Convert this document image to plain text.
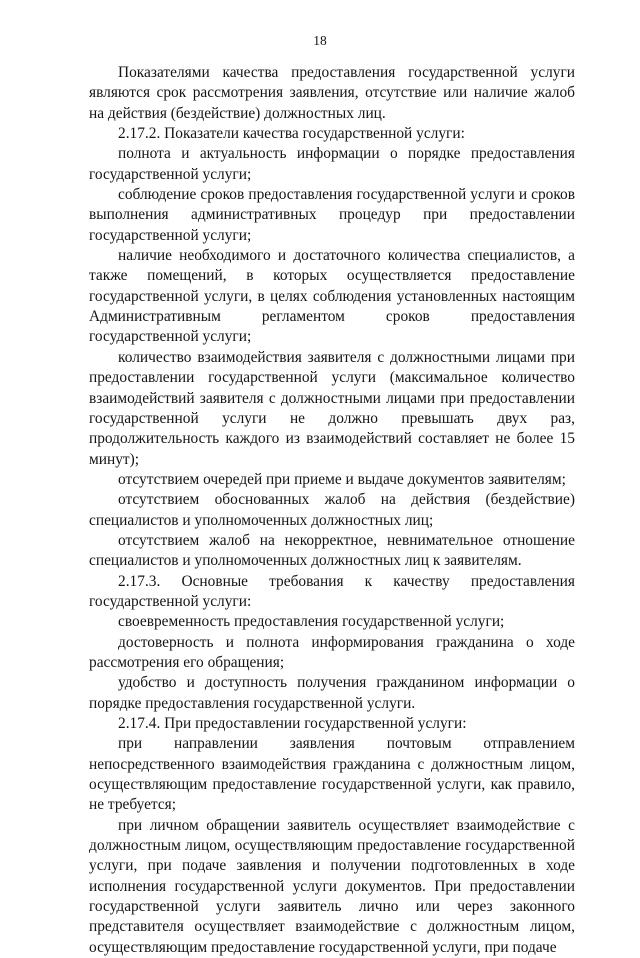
18

Показателями качества предоставления государственной услуги являются срок рассмотрения заявления, отсутствие или наличие жалоб на действия (бездействие) должностных лиц.

2.17.2. Показатели качества государственной услуги:

полнота и актуальность информации о порядке предоставления государственной услуги;

соблюдение сроков предоставления государственной услуги и сроков выполнения административных процедур при предоставлении государственной услуги;

наличие необходимого и достаточного количества специалистов, а также помещений, в которых осуществляется предоставление государственной услуги, в целях соблюдения установленных настоящим Административным регламентом сроков предоставления государственной услуги;

количество взаимодействия заявителя с должностными лицами при предоставлении государственной услуги (максимальное количество взаимодействий заявителя с должностными лицами при предоставлении государственной услуги не должно превышать двух раз, продолжительность каждого из взаимодействий составляет не более 15 минут);

отсутствием очередей при приеме и выдаче документов заявителям;

отсутствием обоснованных жалоб на действия (бездействие) специалистов и уполномоченных должностных лиц;

отсутствием жалоб на некорректное, невнимательное отношение специалистов и уполномоченных должностных лиц к заявителям.

2.17.3. Основные требования к качеству предоставления государственной услуги:

своевременность предоставления государственной услуги;

достоверность и полнота информирования гражданина о ходе рассмотрения его обращения;

удобство и доступность получения гражданином информации о порядке предоставления государственной услуги.

2.17.4. При предоставлении государственной услуги:

при направлении заявления почтовым отправлением непосредственного взаимодействия гражданина с должностным лицом, осуществляющим предоставление государственной услуги, как правило, не требуется;

при личном обращении заявитель осуществляет взаимодействие с должностным лицом, осуществляющим предоставление государственной услуги, при подаче заявления и получении подготовленных в ходе исполнения государственной услуги документов. При предоставлении государственной услуги заявитель лично или через законного представителя осуществляет взаимодействие с должностным лицом, осуществляющим предоставление государственной услуги, при подаче
